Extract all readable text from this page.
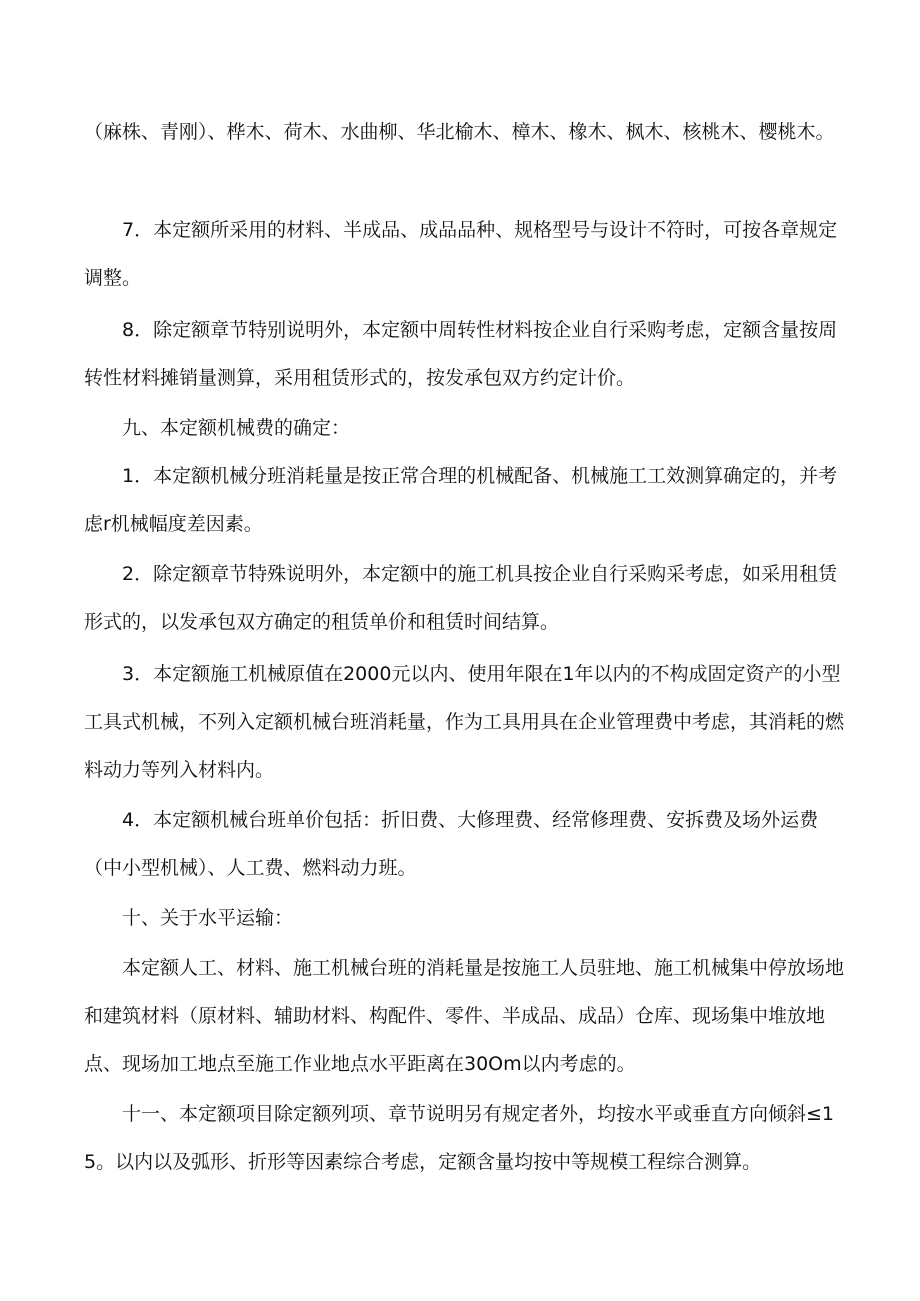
（麻株、青刚）、桦木、荷木、水曲柳、华北榆木、樟木、橡木、枫木、核桃木、樱桃木。

7．本定额所采用的材料、半成品、成品品种、规格型号与设计不符时，可按各章规定调整。

8．除定额章节特别说明外，本定额中周转性材料按企业自行采购考虑，定额含量按周转性材料摊销量测算，采用租赁形式的，按发承包双方约定计价。

九、本定额机械费的确定：

1．本定额机械分班消耗量是按正常合理的机械配备、机械施工工效测算确定的，并考虑r机械幅度差因素。

2．除定额章节特殊说明外，本定额中的施工机具按企业自行采购采考虑，如采用租赁形式的，以发承包双方确定的租赁单价和租赁时间结算。

3．本定额施工机械原值在2000元以内、使用年限在1年以内的不构成固定资产的小型工具式机械，不列入定额机械台班消耗量，作为工具用具在企业管理费中考虑，其消耗的燃料动力等列入材料内。

4．本定额机械台班单价包括：折旧费、大修理费、经常修理费、安拆费及场外运费（中小型机械）、人工费、燃料动力班。

十、关于水平运输：

本定额人工、材料、施工机械台班的消耗量是按施工人员驻地、施工机械集中停放场地和建筑材料（原材料、辅助材料、构配件、零件、半成品、成品）仓库、现场集中堆放地点、现场加工地点至施工作业地点水平距离在30Om以内考虑的。

十一、本定额项目除定额列项、章节说明另有规定者外，均按水平或垂直方向倾斜≤15。以内以及弧形、折形等因素综合考虑，定额含量均按中等规模工程综合测算。
